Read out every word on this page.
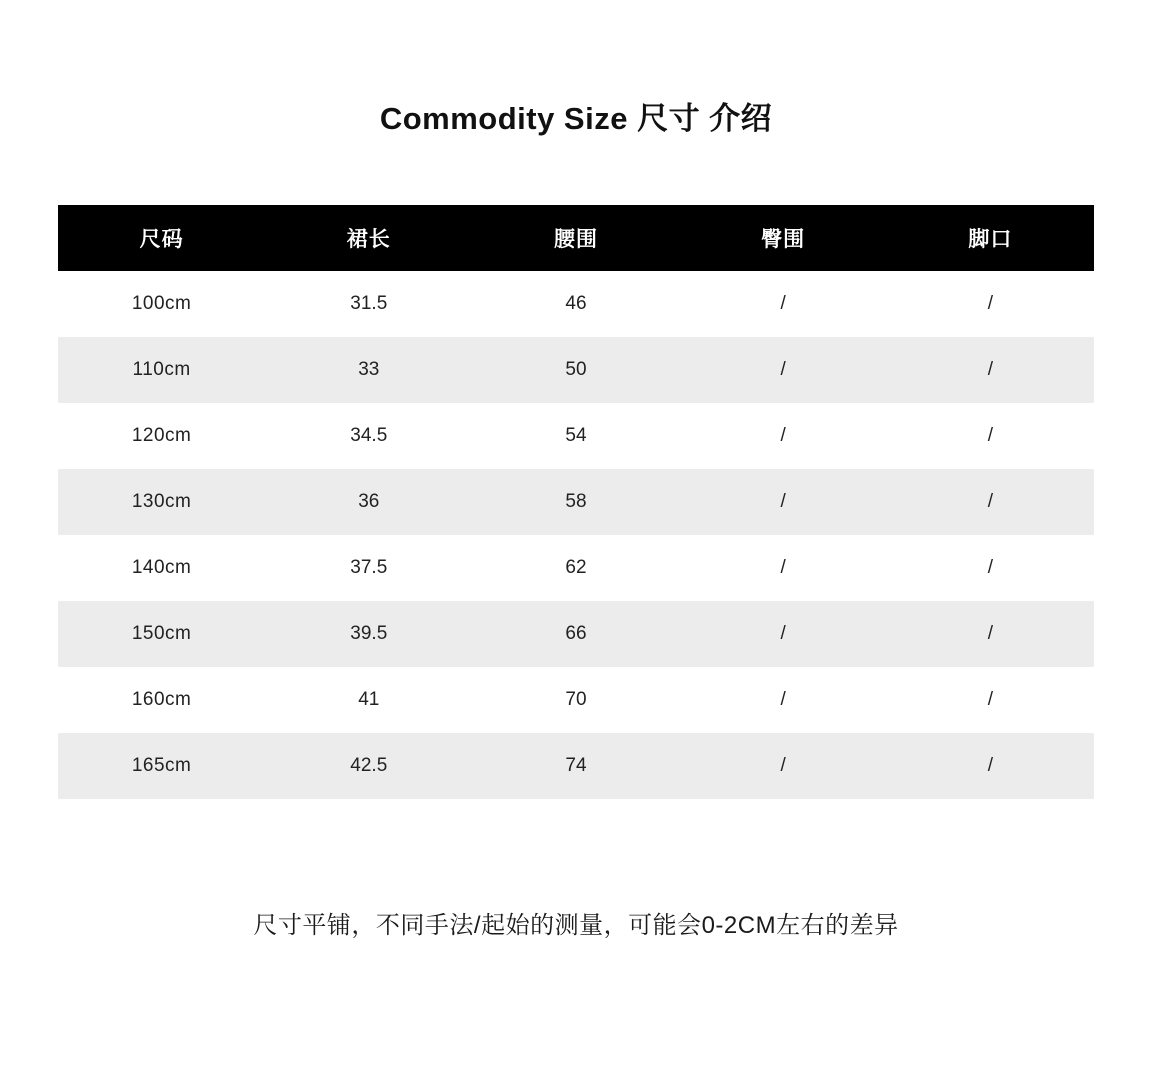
Commodity Size 尺寸 介绍
尺码	裙长	腰围	臀围	脚口
100cm	31.5	46	/	/
110cm	33	50	/	/
120cm	34.5	54	/	/
130cm	36	58	/	/
140cm	37.5	62	/	/
150cm	39.5	66	/	/
160cm	41	70	/	/
165cm	42.5	74	/	/
尺寸平铺，不同手法/起始的测量，可能会0-2CM左右的差异
